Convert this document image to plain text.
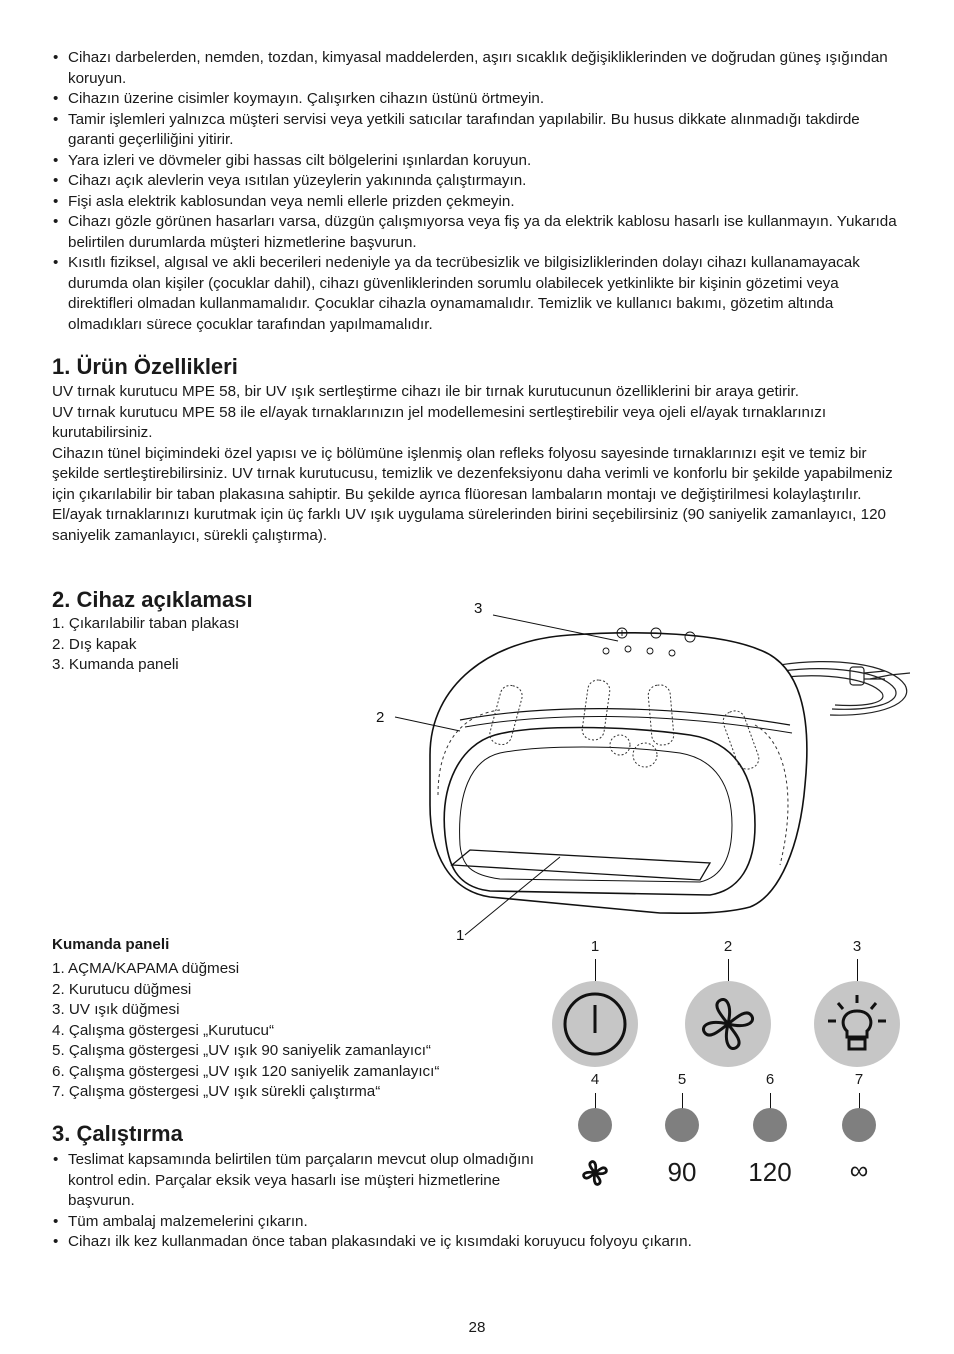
• Cihazı darbelerden, nemden, tozdan, kimyasal maddelerden, aşırı sıcaklık değişikliklerinden ve doğrudan güneş ışığından koruyun.
• Cihazın üzerine cisimler koymayın. Çalışırken cihazın üstünü örtmeyin.
• Tamir işlemleri yalnızca müşteri servisi veya yetkili satıcılar tarafından yapılabilir. Bu husus dikkate alınmadığı takdirde garanti geçerliliğini yitirir.
• Yara izleri ve dövmeler gibi hassas cilt bölgelerini ışınlardan koruyun.
• Cihazı açık alevlerin veya ısıtılan yüzeylerin yakınında çalıştırmayın.
• Fişi asla elektrik kablosundan veya nemli ellerle prizden çekmeyin.
• Cihazı gözle görünen hasarları varsa, düzgün çalışmıyorsa veya fiş ya da elektrik kablosu hasarlı ise kullanmayın. Yukarıda belirtilen durumlarda müşteri hizmetlerine başvurun.
• Kısıtlı fiziksel, algısal ve akli becerileri nedeniyle ya da tecrübesizlik ve bilgisizliklerinden dolayı cihazı kullanamayacak durumda olan kişiler (çocuklar dahil), cihazı güvenliklerinden sorumlu olabilecek yetkinlikte bir kişinin gözetimi veya direktifleri olmadan kullanmamalıdır. Çocuklar cihazla oynamamalıdır. Temizlik ve kullanıcı bakımı, gözetim altında olmadıkları sürece çocuklar tarafından yapılmamalıdır.
1. Ürün Özellikleri

UV tırnak kurutucu MPE 58, bir UV ışık sertleştirme cihazı ile bir tırnak kurutucunun özelliklerini bir araya getirir.

UV tırnak kurutucu MPE 58 ile el/ayak tırnaklarınızın jel modellemesini sertleştirebilir veya ojeli el/ayak tırnaklarınızı kurutabilirsiniz.

Cihazın tünel biçimindeki özel yapısı ve iç bölümüne işlenmiş olan refleks folyosu sayesinde tırnaklarınızı eşit ve temiz bir şekilde sertleştirebilirsiniz. UV tırnak kurutucusu, temizlik ve dezenfeksiyonu daha verimli ve konforlu bir şekilde yapabilmeniz için çıkarılabilir bir taban plakasına sahiptir. Bu şekilde ayrıca flüoresan lambaların montajı ve değiştirilmesi kolaylaştırılır.

El/ayak tırnaklarınızı kurutmak için üç farklı UV ışık uygulama sürelerinden birini seçebilirsiniz (90 saniyelik zamanlayıcı, 120 saniyelik zamanlayıcı, sürekli çalıştırma).

2. Cihaz açıklaması
1. Çıkarılabilir taban plakası
2. Dış kapak
3. Kumanda paneli
3
2
1
Kumanda paneli
1. AÇMA/KAPAMA düğmesi
2. Kurutucu düğmesi
3. UV ışık düğmesi
4. Çalışma göstergesi „Kurutucu“
5. Çalışma göstergesi „UV ışık 90 saniyelik zamanlayıcı“
6. Çalışma göstergesi „UV ışık 120 saniyelik zamanlayıcı“
7. Çalışma göstergesi „UV ışık sürekli çalıştırma“
1	2	3
4	5	6	7
90	120	∞
3. Çalıştırma
• Teslimat kapsamında belirtilen tüm parçaların mevcut olup olmadığını kontrol edin. Parçalar eksik veya hasarlı ise müşteri hizmetlerine başvurun.
• Tüm ambalaj malzemelerini çıkarın.
• Cihazı ilk kez kullanmadan önce taban plakasındaki ve iç kısımdaki koruyucu folyoyu çıkarın.
28
